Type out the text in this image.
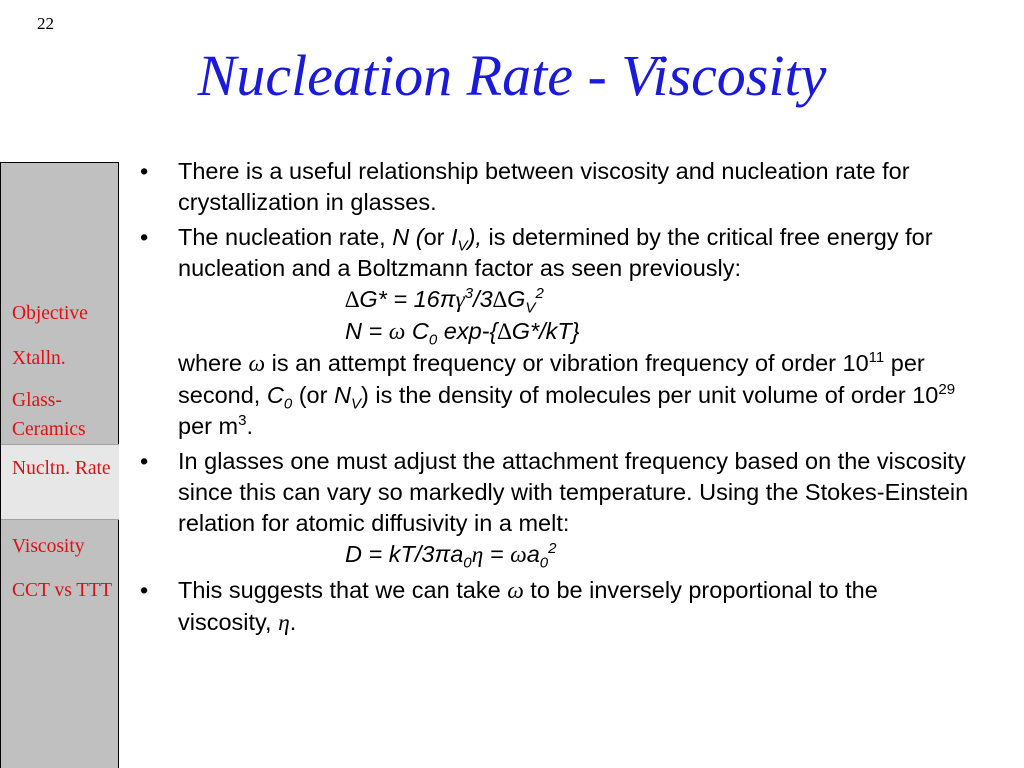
22
Nucleation Rate - Viscosity
Objective
Xtalln.
Glass-Ceramics
Nucltn. Rate
Viscosity
CCT vs TTT
•	There is a useful relationship between viscosity and nucleation rate for crystallization in glasses.
•	The nucleation rate, N (or $I_V$), is determined by the critical free energy for nucleation and a Boltzmann factor as seen previously:
$\Delta G* = 16\pi\gamma^3/3\Delta G_V^2$
N = ω $C_0$ exp-{∆G*/kT}
where ω is an attempt frequency or vibration frequency of order $10^{11}$ per second, $C_0$ (or $N_V$) is the density of molecules per unit volume of order $10^{29}$ per $m^3$.
•	In glasses one must adjust the attachment frequency based on the viscosity since this can vary so markedly with temperature. Using the Stokes-Einstein relation for atomic diffusivity in a melt:
$D = kT/3\pi a_0\eta = \omega a_0^2$
•	This suggests that we can take ω to be inversely proportional to the viscosity, η.
